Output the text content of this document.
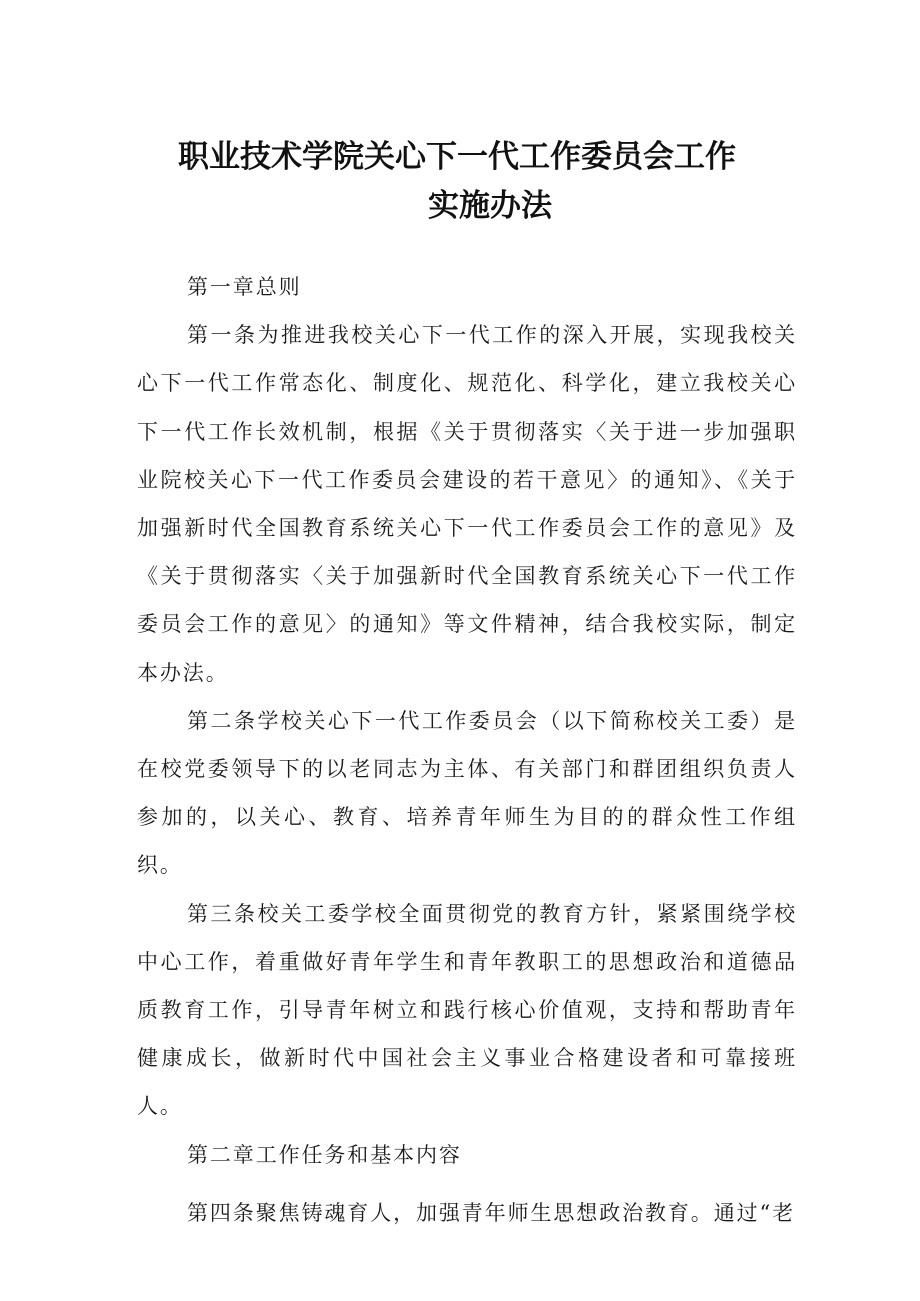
职业技术学院关心下一代工作委员会工作
实施办法

第一章总则

第一条为推进我校关心下一代工作的深入开展，实现我校关心下一代工作常态化、制度化、规范化、科学化，建立我校关心下一代工作长效机制，根据《关于贯彻落实〈关于进一步加强职业院校关心下一代工作委员会建设的若干意见〉的通知》、《关于加强新时代全国教育系统关心下一代工作委员会工作的意见》及《关于贯彻落实〈关于加强新时代全国教育系统关心下一代工作委员会工作的意见〉的通知》等文件精神，结合我校实际，制定本办法。

第二条学校关心下一代工作委员会（以下简称校关工委）是在校党委领导下的以老同志为主体、有关部门和群团组织负责人参加的，以关心、教育、培养青年师生为目的的群众性工作组织。

第三条校关工委学校全面贯彻党的教育方针，紧紧围绕学校中心工作，着重做好青年学生和青年教职工的思想政治和道德品质教育工作，引导青年树立和践行核心价值观，支持和帮助青年健康成长，做新时代中国社会主义事业合格建设者和可靠接班人。

第二章工作任务和基本内容

第四条聚焦铸魂育人，加强青年师生思想政治教育。通过“老
